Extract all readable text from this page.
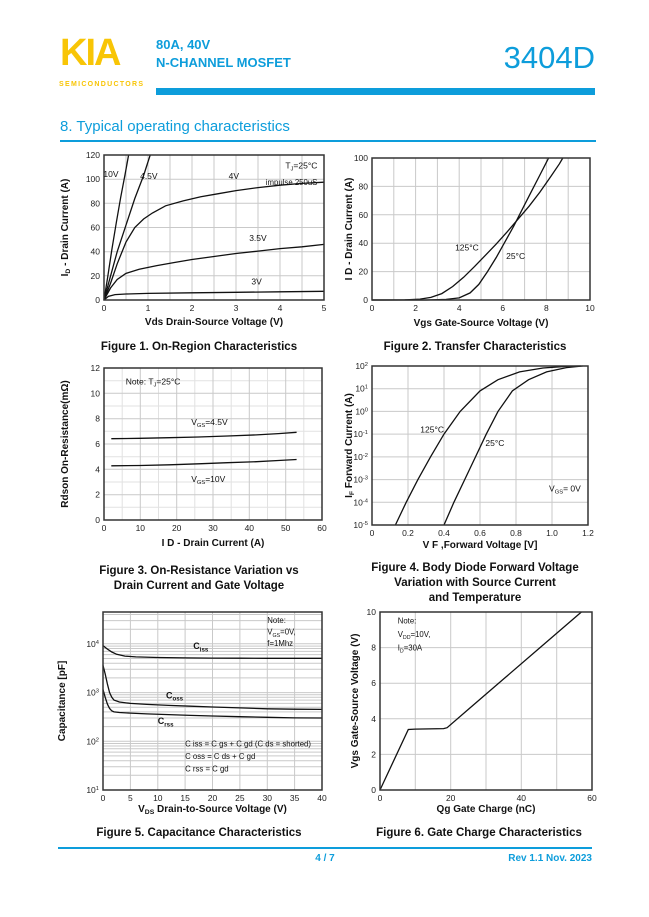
KIA
SEMICONDUCTORS
80A, 40V
N-CHANNEL MOSFET	3404D
8. Typical operating characteristics
0	1	2	3	4	5
0
20
40
60
80
100
120
10V	4.5V	4V
3.5V
3V
$T_J=25^\circ C$
impulse 250uS
Vds Drain-Source Voltage (V)
$I_D$ - Drain Current (A)
0	2	4	6	8	10
0
20
40
60
80
100
125°C
25°C
Vgs Gate-Source Voltage (V)
I D - Drain Current (A)
0	10	20	30	40	50	60
0
2
4
6
8
10
12
Note: $T_J=25^\circ C$
$V_{GS}=4.5V$
$V_{GS}=10V$
I D - Drain Current (A)
Rdson On-Resistance(mΩ)
0	0.2	0.4	0.6	0.8	1.0	1.2
$10^2$
$10^1$
$10^0$
$10^{-1}$
$10^{-2}$
$10^{-3}$
$10^{-4}$
$10^{-5}$
125°C
25°C
$V_{GS}= 0V$
V F ,Forward Voltage [V]
$I_F$ Forward Current (A)
0	5 10 15 20 25 30 35 40
$10^4$
$10^3$
$10^2$
$10^1$
Note:
$V_{GS}=0V$,
f=1Mhz
$C_{iss}$
$C_{oss}$
$C_{rss}$
C iss = C gs + C gd (C ds = shorted)
C oss = C ds + C gd
C rss = C gd
$V_{DS}$ Drain-to-Source Voltage (V)
Capacitance [pF]
0	20	40	60
0
2
4
6
8
10
Note:
$V_{DD}=10V$,
$I_D=30A$
Qg Gate Charge (nC)
Vgs Gate-Source Voltage (V)
Figure 1. On-Region Characteristics	Figure 2. Transfer Characteristics
Figure 3. On-Resistance Variation vs
Drain Current and Gate Voltage
Figure 4. Body Diode Forward Voltage
Variation with Source Current
and Temperature
Figure 5. Capacitance Characteristics	Figure 6. Gate Charge Characteristics
4 / 7	Rev 1.1 Nov. 2023
